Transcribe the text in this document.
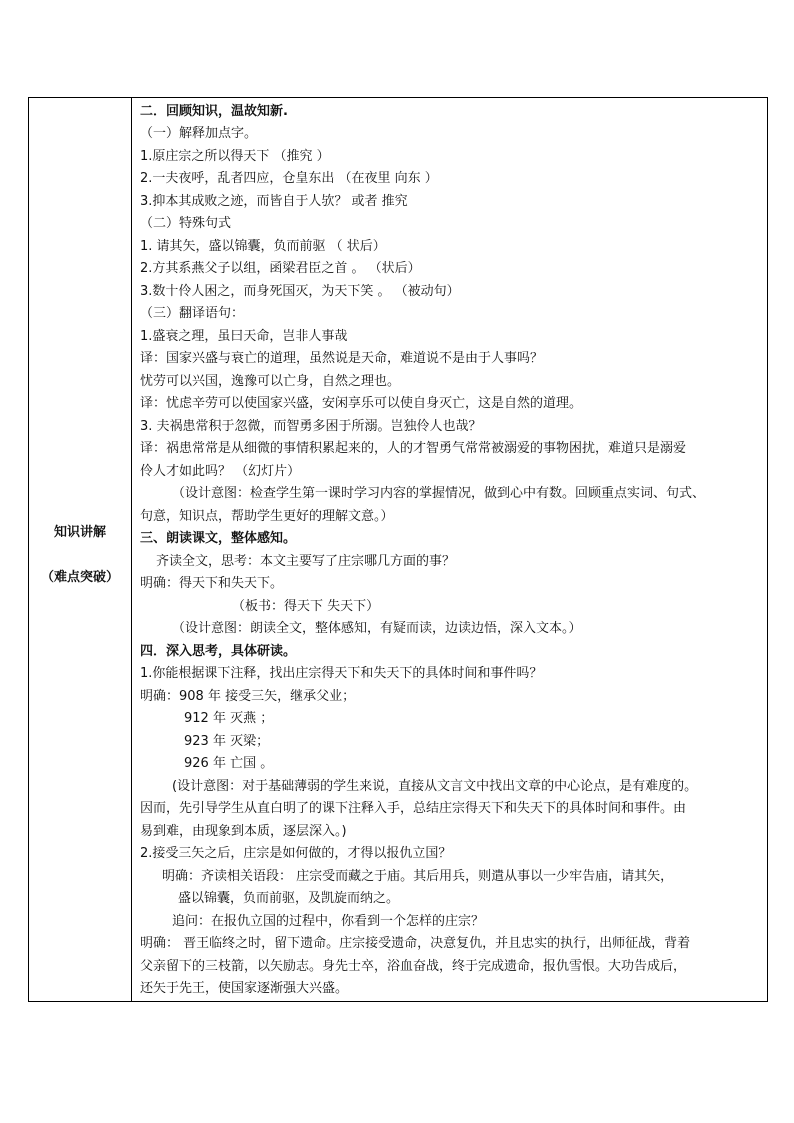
知识讲解
（难点突破）
二．回顾知识，温故知新.
（一）解释加点字。
1.原庄宗之所以得天下 （推究 ）
2.一夫夜呼，乱者四应，仓皇东出 （在夜里 向东 ）
3.抑本其成败之迹，而皆自于人欤？ 或者 推究
（二）特殊句式
1. 请其矢，盛以锦囊，负而前驱 （ 状后）
2.方其系燕父子以组，函梁君臣之首 。 （状后）
3.数十伶人困之，而身死国灭，为天下笑 。 （被动句）
（三）翻译语句：
1.盛衰之理，虽曰天命，岂非人事哉
译：国家兴盛与衰亡的道理，虽然说是天命，难道说不是由于人事吗？
忧劳可以兴国，逸豫可以亡身，自然之理也。
译：忧虑辛劳可以使国家兴盛，安闲享乐可以使自身灭亡，这是自然的道理。
3. 夫祸患常积于忽微，而智勇多困于所溺。岂独伶人也哉？
译：祸患常常是从细微的事情积累起来的，人的才智勇气常常被溺爱的事物困扰，难道只是溺爱
伶人才如此吗？ （幻灯片）
（设计意图：检查学生第一课时学习内容的掌握情况，做到心中有数。回顾重点实词、句式、
句意，知识点，帮助学生更好的理解文意。）
三、朗读课文，整体感知。
齐读全文，思考：本文主要写了庄宗哪几方面的事？
明确：得天下和失天下。
（板书：得天下 失天下）
（设计意图：朗读全文，整体感知，有疑而读，边读边悟，深入文本。）
四．深入思考，具体研读。
1.你能根据课下注释，找出庄宗得天下和失天下的具体时间和事件吗？
明确：908 年 接受三矢，继承父业；
912 年 灭燕 ；
923 年 灭梁；
926 年 亡国 。
(设计意图：对于基础薄弱的学生来说，直接从文言文中找出文章的中心论点，是有难度的。
因而，先引导学生从直白明了的课下注释入手，总结庄宗得天下和失天下的具体时间和事件。由
易到难，由现象到本质，逐层深入。)
2.接受三矢之后，庄宗是如何做的，才得以报仇立国？
明确：齐读相关语段： 庄宗受而藏之于庙。其后用兵，则遣从事以一少牢告庙，请其矢，
盛以锦囊，负而前驱，及凯旋而纳之。
追问：在报仇立国的过程中，你看到一个怎样的庄宗？
明确： 晋王临终之时，留下遗命。庄宗接受遗命，决意复仇，并且忠实的执行，出师征战，背着
父亲留下的三枝箭，以矢励志。身先士卒，浴血奋战，终于完成遗命，报仇雪恨。大功告成后，
还矢于先王，使国家逐渐强大兴盛。
